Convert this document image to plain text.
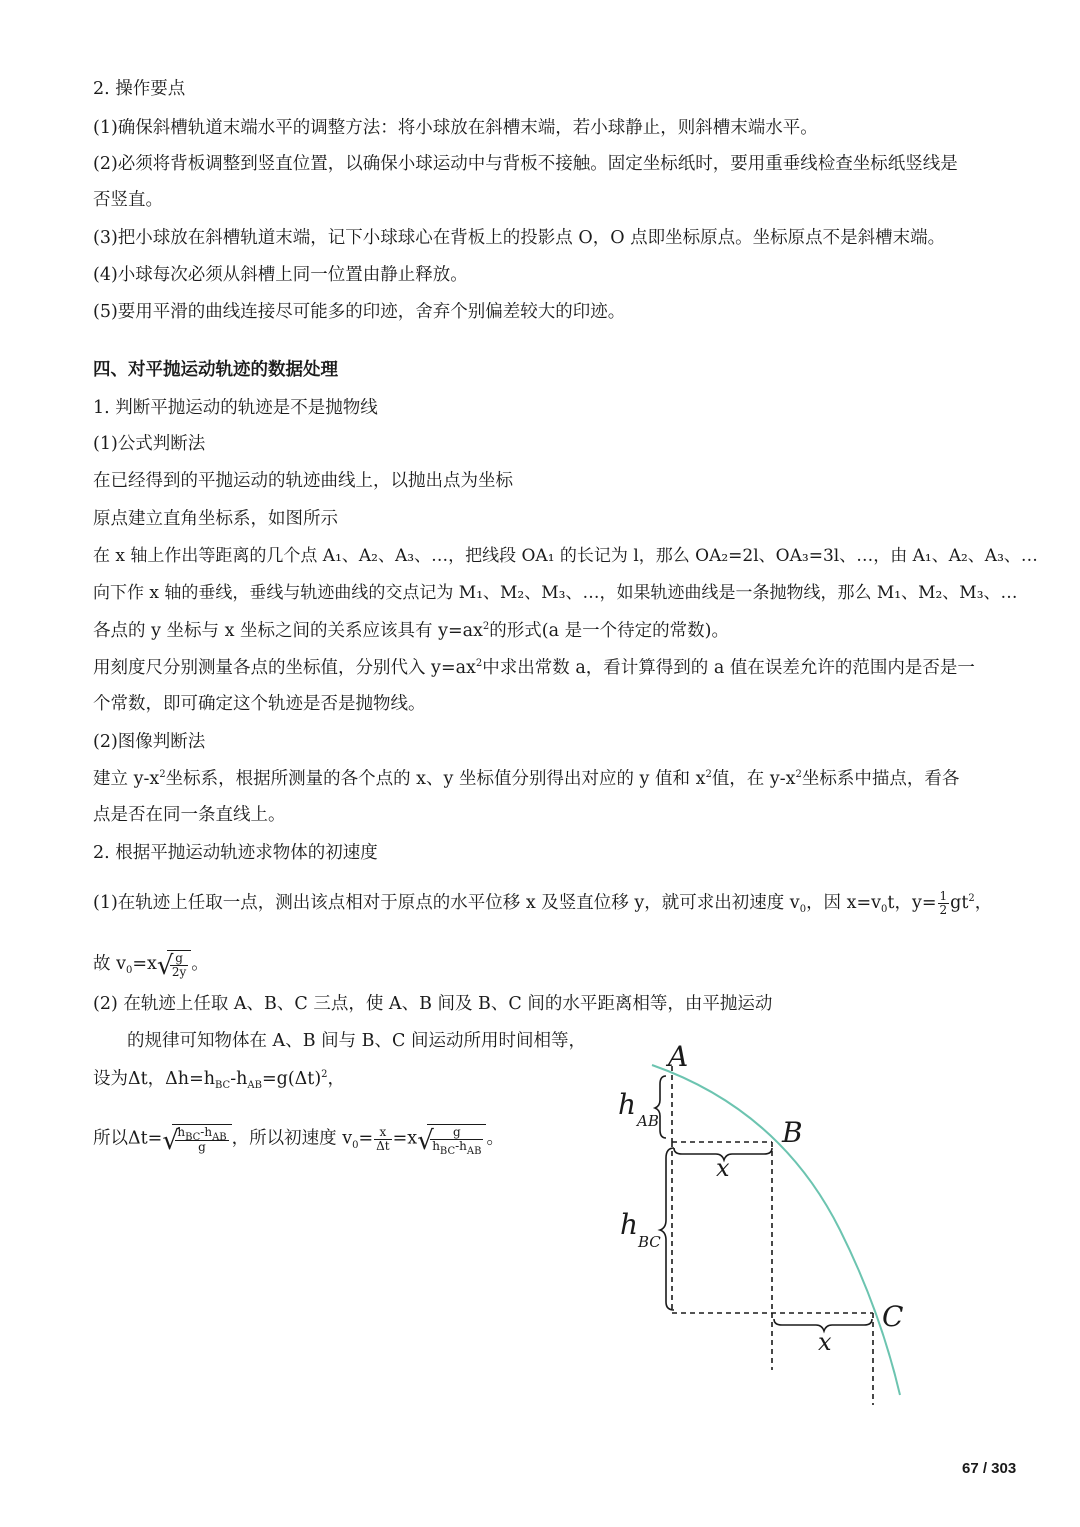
2. 操作要点
(1)确保斜槽轨道末端水平的调整方法：将小球放在斜槽末端，若小球静止，则斜槽末端水平。
(2)必须将背板调整到竖直位置，以确保小球运动中与背板不接触。固定坐标纸时，要用重垂线检查坐标纸竖线是
否竖直。
(3)把小球放在斜槽轨道末端，记下小球球心在背板上的投影点 O，O 点即坐标原点。坐标原点不是斜槽末端。
(4)小球每次必须从斜槽上同一位置由静止释放。
(5)要用平滑的曲线连接尽可能多的印迹，舍弃个别偏差较大的印迹。
四、对平抛运动轨迹的数据处理
1. 判断平抛运动的轨迹是不是抛物线
(1)公式判断法
在已经得到的平抛运动的轨迹曲线上，以抛出点为坐标
原点建立直角坐标系，如图所示
在 x 轴上作出等距离的几个点 A₁、A₂、A₃、…，把线段 OA₁ 的长记为 l，那么 OA₂=2l、OA₃=3l、…，由 A₁、A₂、A₃、…
向下作 x 轴的垂线，垂线与轨迹曲线的交点记为 M₁、M₂、M₃、…，如果轨迹曲线是一条抛物线，那么 M₁、M₂、M₃、…
各点的 y 坐标与 x 坐标之间的关系应该具有 $y=ax^2$的形式(a 是一个待定的常数)。
用刻度尺分别测量各点的坐标值，分别代入 $y=ax^2$中求出常数 a，看计算得到的 a 值在误差允许的范围内是否是一
个常数，即可确定这个轨迹是否是抛物线。
(2)图像判断法
建立 $y-x^2$坐标系，根据所测量的各个点的 x、y 坐标值分别得出对应的 y 值和 $x^2$值，在 $y-x^2$坐标系中描点，看各
点是否在同一条直线上。
2. 根据平抛运动轨迹求物体的初速度
(1)在轨迹上任取一点，测出该点相对于原点的水平位移 x 及竖直位移 y，就可求出初速度 $v_0$，因 $x=v_0t$，$y= \frac{1}{2} gt^2$，
故 $v_0=x$ √
$\frac{g}{2y}$ 。
(2) 在轨迹上任取 A、B、C 三点，使 A、B 间及 B、C 间的水平距离相等，由平抛运动
的规律可知物体在 A、B 间与 B、C 间运动所用时间相等，
设为Δt，$\Delta h=h_{BC}-h_{AB}=g(\Delta t)^2$，
所以Δt= √
$\frac{h_{BC}-h_{AB}}{g}$ ，所以初速度 $v_0= \frac{x}{\Delta t} =x$ √
$\frac{g}{h_{BC}-h_{AB}}$ 。
A
B
C
h AB
h
BC
x
x
67 / 303
